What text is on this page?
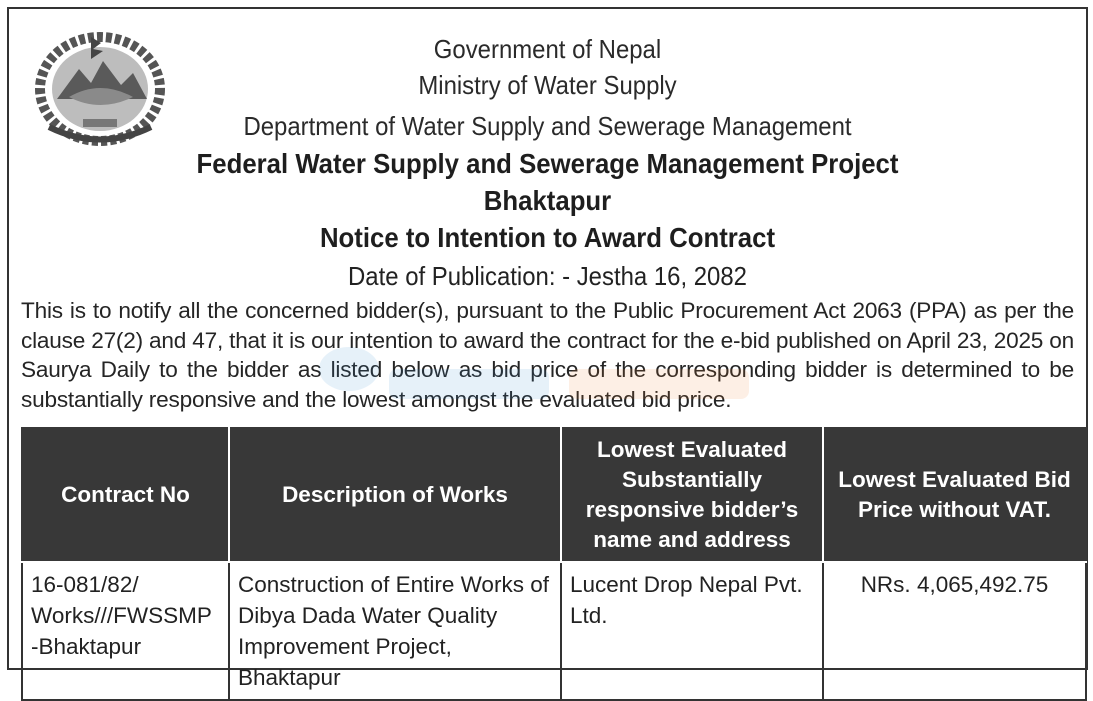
Government of Nepal
Ministry of Water Supply
Department of Water Supply and Sewerage Management
Federal Water Supply and Sewerage Management Project
Bhaktapur
Notice to Intention to Award Contract
Date of Publication: - Jestha 16, 2082
This is to notify all the concerned bidder(s), pursuant to the Public Procurement Act 2063 (PPA) as per the clause 27(2) and 47, that it is our intention to award the contract for the e-bid published on April 23, 2025 on Saurya Daily to the bidder as listed below as bid price of the corresponding bidder is determined to be substantially responsive and the lowest amongst the evaluated bid price.
Contract No	Description of Works	Lowest Evaluated Substantially responsive bidder’s name and address	Lowest Evaluated Bid Price without VAT.
16-081/82/ Works///FWSSMP -Bhaktapur	Construction of Entire Works of Dibya Dada Water Quality Improvement Project, Bhaktapur	Lucent Drop Nepal Pvt. Ltd.	NRs. 4,065,492.75
